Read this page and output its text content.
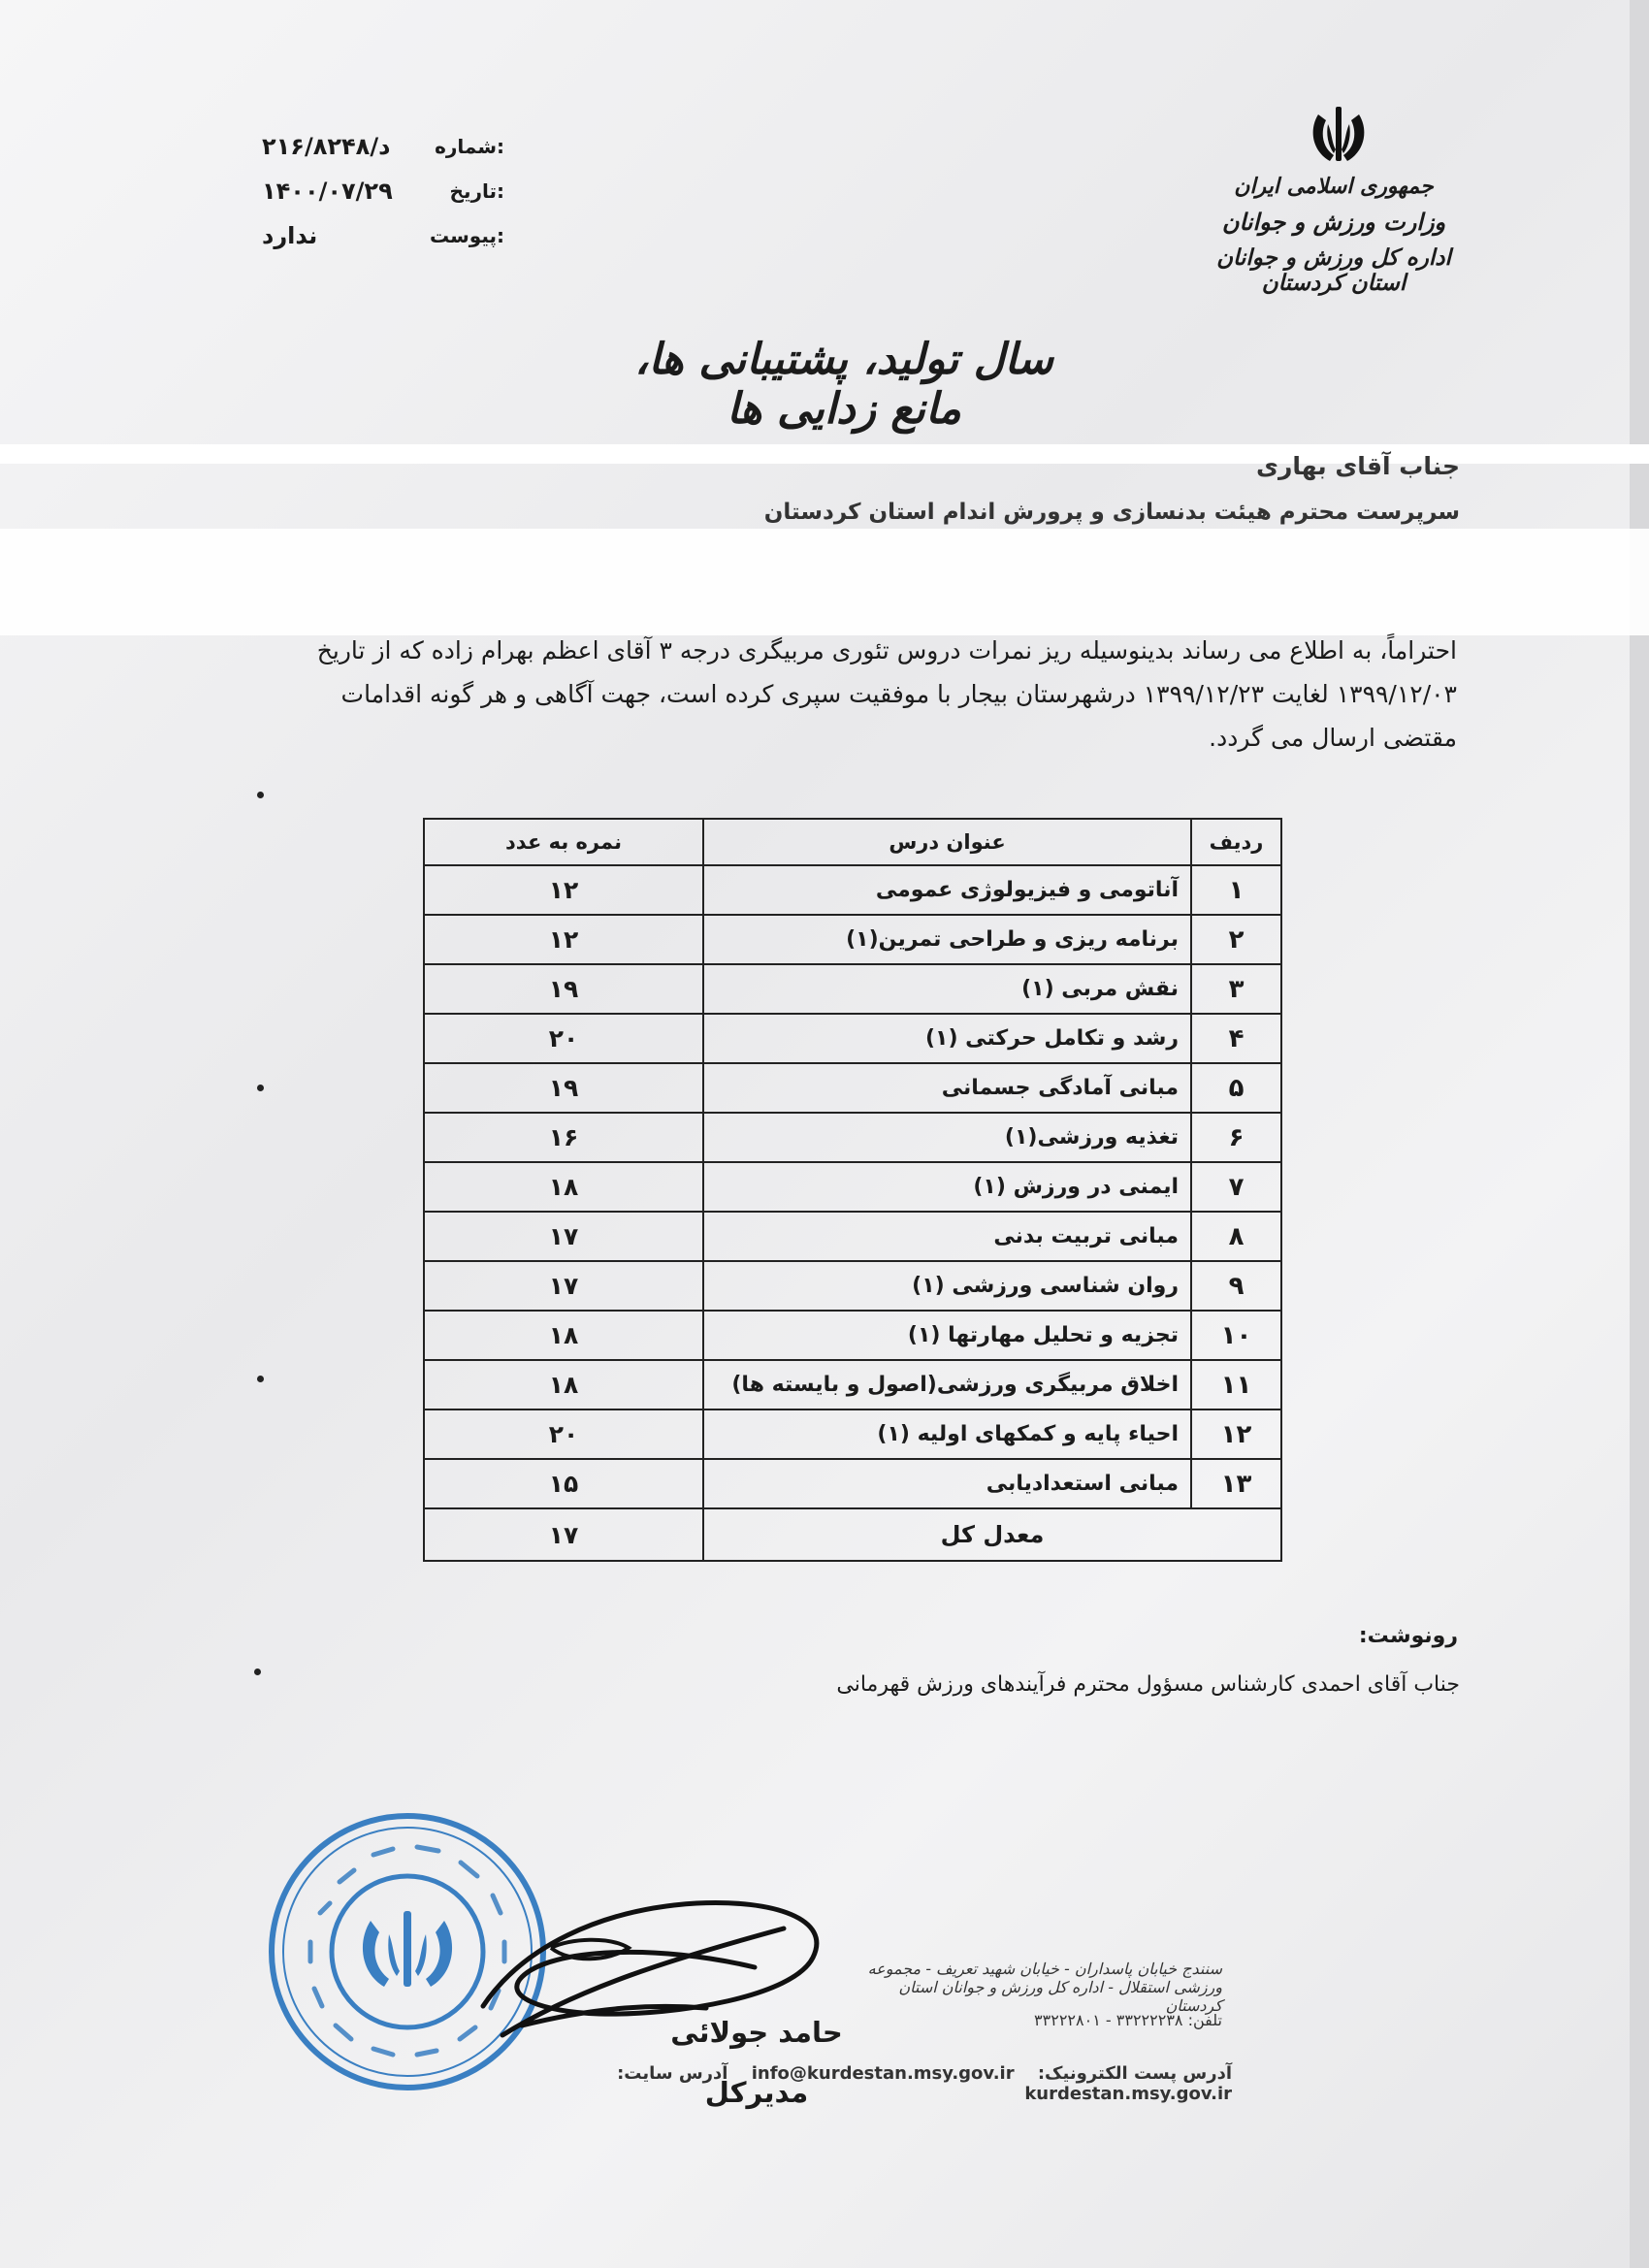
د/۲۱۶/۸۲۴۸ شماره:
۱۴۰۰/۰۷/۲۹	تاریخ:
ندارد	پیوست:
جمهوری اسلامی ایران
وزارت ورزش و جوانان
اداره کل ورزش و جوانان استان کردستان
سال تولید، پشتیبانی ها، مانع زدایی ها
جناب آقای بهاری
سرپرست محترم هیئت بدنسازی و پرورش اندام استان کردستان
احتراماً، به اطلاع می رساند بدینوسیله ریز نمرات دروس تئوری مربیگری درجه ۳ آقای اعظم بهرام زاده که از تاریخ
۱۳۹۹/۱۲/۰۳ لغایت ۱۳۹۹/۱۲/۲۳ درشهرستان بیجار با موفقیت سپری کرده است، جهت آگاهی و هر گونه اقدامات
مقتضی ارسال می گردد.
ردیف	عنوان درس	نمره به عدد
۱	آناتومی و فیزیولوژی عمومی	۱۲
۲	برنامه ریزی و طراحی تمرین(۱)	۱۲
۳	نقش مربی (۱)	۱۹
۴	رشد و تکامل حرکتی (۱)	۲۰
۵	مبانی آمادگی جسمانی	۱۹
۶	تغذیه ورزشی(۱)	۱۶
۷	ایمنی در ورزش (۱)	۱۸
۸	مبانی تربیت بدنی	۱۷
۹	روان شناسی ورزشی (۱)	۱۷
۱۰	تجزیه و تحلیل مهارتها (۱)	۱۸
۱۱	اخلاق مربیگری ورزشی(اصول و بایسته ها)	۱۸
۱۲	احیاء پایه و کمکهای اولیه (۱)	۲۰
۱۳	مبانی استعدادیابی	۱۵
معدل کل		۱۷
رونوشت:
جناب آقای احمدی کارشناس مسؤول محترم فرآیندهای ورزش قهرمانی
سنندج خیابان پاسداران - خیابان شهید تعریف - مجموعه ورزشی استقلال - اداره کل ورزش و جوانان استان کردستان
تلفن: ۳۳۲۲۲۲۳۸ - ۳۳۲۲۲۸۰۱
آدرس پست الکترونیک: info@kurdestan.msy.gov.ir آدرس سایت: kurdestan.msy.gov.ir
حامد جولائی
مدیرکل
